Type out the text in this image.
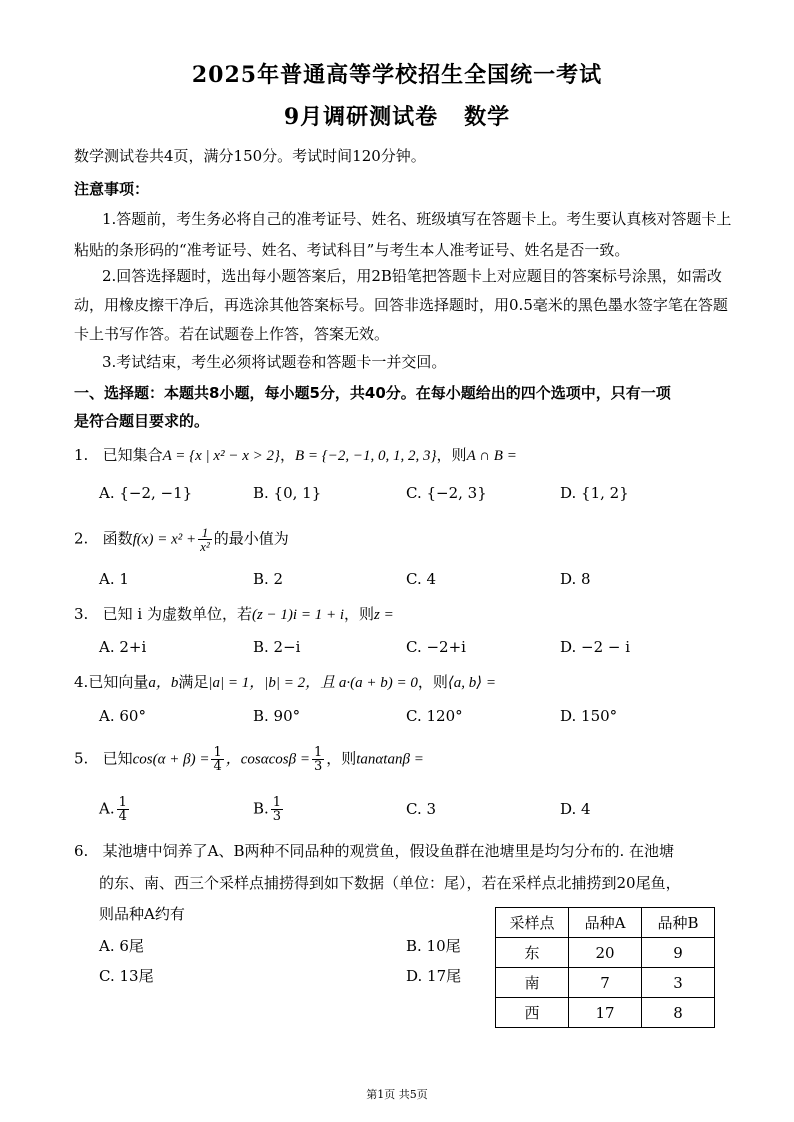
2025年普通高等学校招生全国统一考试
9月调研测试卷 数学
数学测试卷共4页，满分150分。考试时间120分钟。
注意事项：
1.答题前，考生务必将自己的准考证号、姓名、班级填写在答题卡上。考生要认真核对答题卡上
粘贴的条形码的“准考证号、姓名、考试科目”与考生本人准考证号、姓名是否一致。
2.回答选择题时，选出每小题答案后，用2B铅笔把答题卡上对应题目的答案标号涂黑，如需改
动，用橡皮擦干净后，再选涂其他答案标号。回答非选择题时，用0.5毫米的黑色墨水签字笔在答题
卡上书写作答。若在试题卷上作答，答案无效。
3.考试结束，考生必须将试题卷和答题卡一并交回。
一、选择题：本题共8小题，每小题5分，共40分。在每小题给出的四个选项中，只有一项
是符合题目要求的。
1. 已知集合A = {x | x² − x > 2}，B = {−2, −1, 0, 1, 2, 3}，则A ∩ B =
A. {−2, −1}	B. {0, 1}	C. {−2, 3}	D. {1, 2}
2. 函数$f(x) = x^2 + \frac{1}{\text{x²}}$ 的最小值为
A. 1	B. 2	C. 4	D. 8
3. 已知 i 为虚数单位，若(z − 1)i = 1 + i，则z =
A. 2+i	B. 2−i	C. −2+i	D. −2 − i
4.已知向量a，b满足|a| = 1，|b| = 2，且 a·(a + b) = 0，则⟨a, b⟩ =
A. 60°	B. 90°	C. 120°	D. 150°
5. 已知$\cos(\alpha + \beta) = \frac{1}{4}$ ，$\cos\alpha\cos\beta = \frac{1}{3}$ ，则tanαtanβ =
A. $\frac{1}{4}$	B. $\frac{1}{3}$	C. 3	D. 4
6. 某池塘中饲养了A、B两种不同品种的观赏鱼，假设鱼群在池塘里是均匀分布的. 在池塘
的东、南、西三个采样点捕捞得到如下数据（单位：尾），若在采样点北捕捞到20尾鱼，
则品种A约有
A. 6尾	B. 10尾
C. 13尾	D. 17尾
采样点	品种A	品种B
东	20	9
南	7	3
西	17	8
第1页 共5页
